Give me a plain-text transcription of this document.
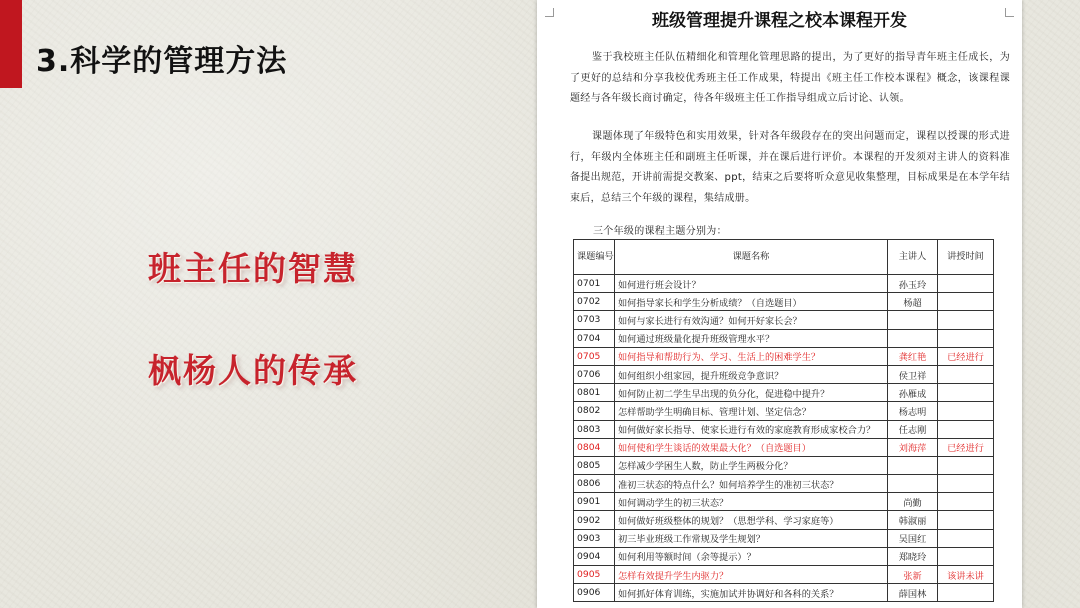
3.科学的管理方法
班主任的智慧
枫杨人的传承
班级管理提升课程之校本课程开发
鉴于我校班主任队伍精细化和管理化管理思路的提出，为了更好的指导青年班主任成长，为了更好的总结和分享我校优秀班主任工作成果，特提出《班主任工作校本课程》概念，该课程课题经与各年级长商讨确定，待各年级班主任工作指导组成立后讨论、认领。
课题体现了年级特色和实用效果，针对各年级段存在的突出问题而定，课程以授课的形式进行，年级内全体班主任和副班主任听课，并在课后进行评价。本课程的开发须对主讲人的资料准备提出规范，开讲前需提交教案、ppt，结束之后要将听众意见收集整理，目标成果是在本学年结束后，总结三个年级的课程，集结成册。
三个年级的课程主题分别为：
课题编号	课题名称	主讲人	讲授时间
0701	如何进行班会设计？	孙玉玲	
0702	如何指导家长和学生分析成绩？（自选题目）	杨超	
0703	如何与家长进行有效沟通？如何开好家长会？		
0704	如何通过班级量化提升班级管理水平？		
0705	如何指导和帮助行为、学习、生活上的困难学生？	龚红艳	已经进行
0706	如何组织小组家园，提升班级竞争意识？	侯卫祥	
0801	如何防止初二学生早出现的负分化，促进稳中提升？	孙雁成	
0802	怎样帮助学生明确目标、管理计划、坚定信念？	杨志明	
0803	如何做好家长指导、使家长进行有效的家庭教育形成家校合力？	任志刚	
0804	如何使和学生谈话的效果最大化？（自选题目）	刘海萍	已经进行
0805	怎样减少学困生人数，防止学生两极分化？		
0806	准初三状态的特点什么？如何培养学生的准初三状态？		
0901	如何调动学生的初三状态？	尚勤	
0902	如何做好班级整体的规划？（思想学科、学习家庭等）	韩淑丽	
0903	初三毕业班级工作常规及学生规划？	吴国红	
0904	如何利用等额时间（余等提示）？	郑晓玲	
0905	怎样有效提升学生内驱力？	张新	该讲未讲
0906	如何抓好体育训练，实施加试并协调好和各科的关系？	薛国林	
